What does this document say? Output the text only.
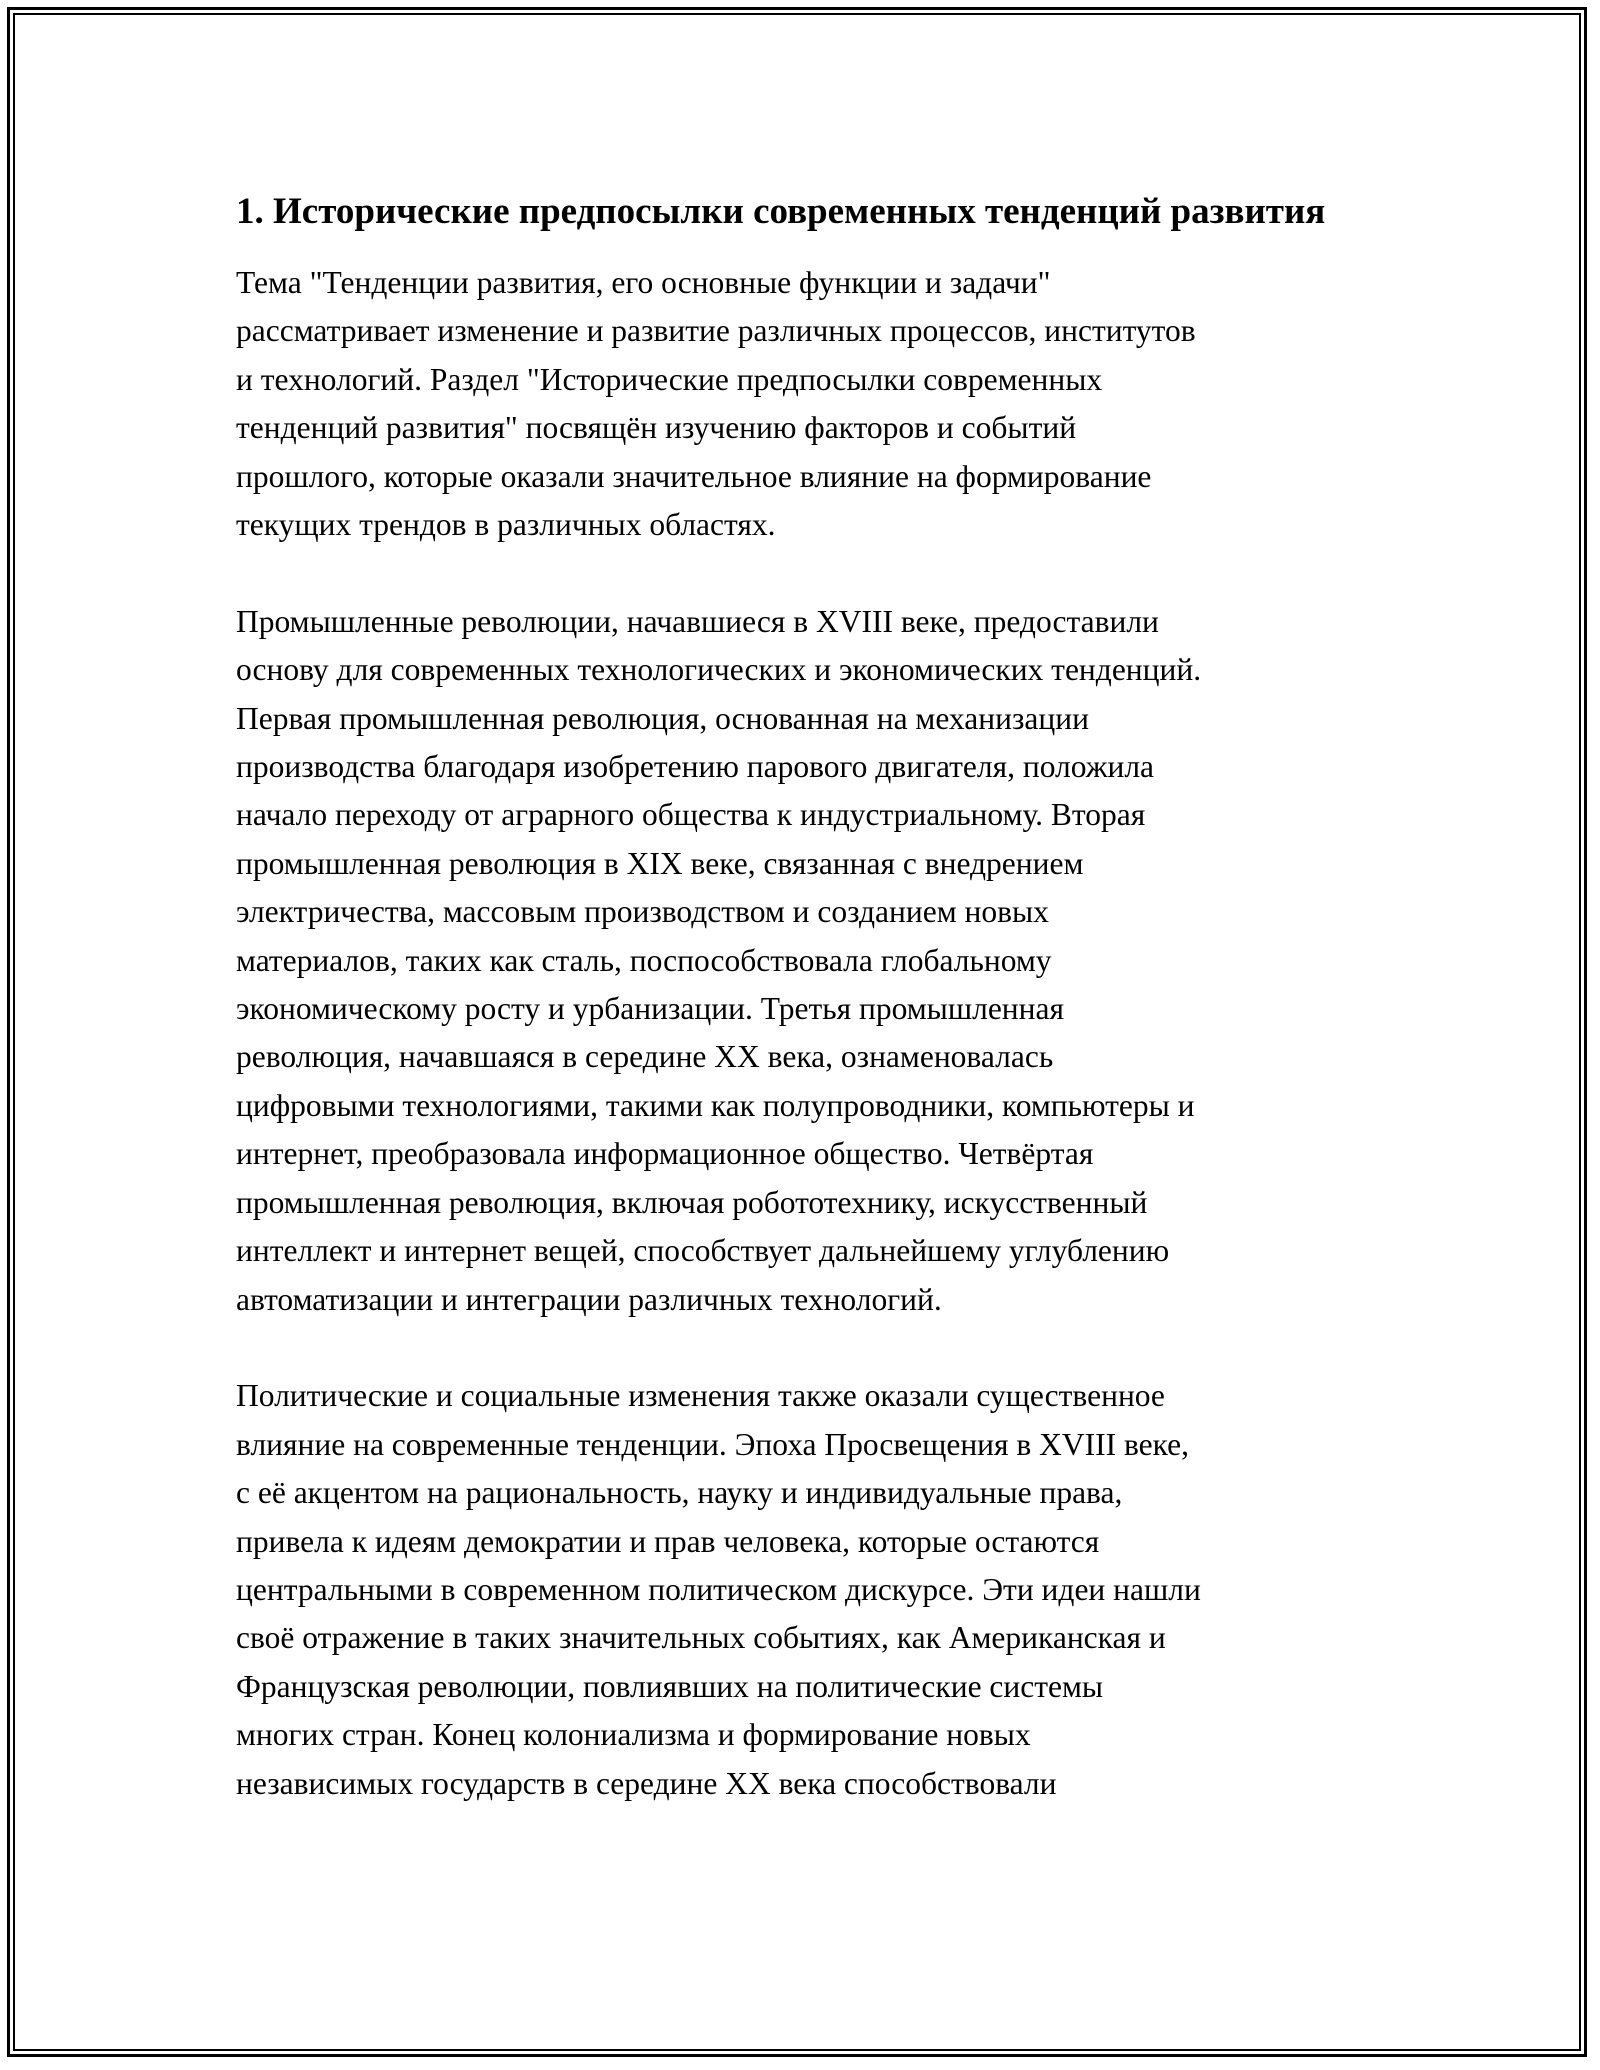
1. Исторические предпосылки современных тенденций развития

Тема "Тенденции развития, его основные функции и задачи"
рассматривает изменение и развитие различных процессов, институтов
и технологий. Раздел "Исторические предпосылки современных
тенденций развития" посвящён изучению факторов и событий
прошлого, которые оказали значительное влияние на формирование
текущих трендов в различных областях.

Промышленные революции, начавшиеся в XVIII веке, предоставили
основу для современных технологических и экономических тенденций.
Первая промышленная революция, основанная на механизации
производства благодаря изобретению парового двигателя, положила
начало переходу от аграрного общества к индустриальному. Вторая
промышленная революция в XIX веке, связанная с внедрением
электричества, массовым производством и созданием новых
материалов, таких как сталь, поспособствовала глобальному
экономическому росту и урбанизации. Третья промышленная
революция, начавшаяся в середине XX века, ознаменовалась
цифровыми технологиями, такими как полупроводники, компьютеры и
интернет, преобразовала информационное общество. Четвёртая
промышленная революция, включая робототехнику, искусственный
интеллект и интернет вещей, способствует дальнейшему углублению
автоматизации и интеграции различных технологий.

Политические и социальные изменения также оказали существенное
влияние на современные тенденции. Эпоха Просвещения в XVIII веке,
с её акцентом на рациональность, науку и индивидуальные права,
привела к идеям демократии и прав человека, которые остаются
центральными в современном политическом дискурсе. Эти идеи нашли
своё отражение в таких значительных событиях, как Американская и
Французская революции, повлиявших на политические системы
многих стран. Конец колониализма и формирование новых
независимых государств в середине XX века способствовали
